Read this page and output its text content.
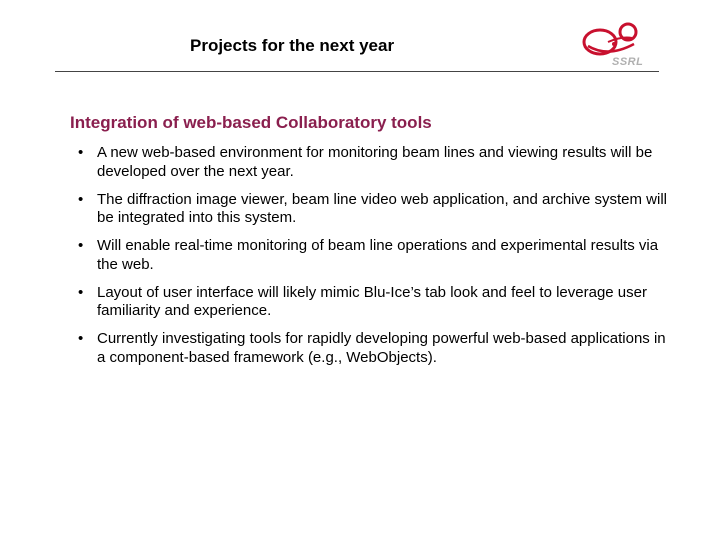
Projects for the next year
SSRL
Integration of web-based Collaboratory tools
• A new web-based environment for monitoring beam lines and viewing results will be developed over the next year.
• The diffraction image viewer, beam line video web application, and archive system will be integrated into this system.
• Will enable real-time monitoring of beam line operations and experimental results via the web.
• Layout of user interface will likely mimic Blu-Ice’s tab look and feel to leverage user familiarity and experience.
• Currently investigating tools for rapidly developing powerful web-based applications in a component-based framework (e.g., WebObjects).
